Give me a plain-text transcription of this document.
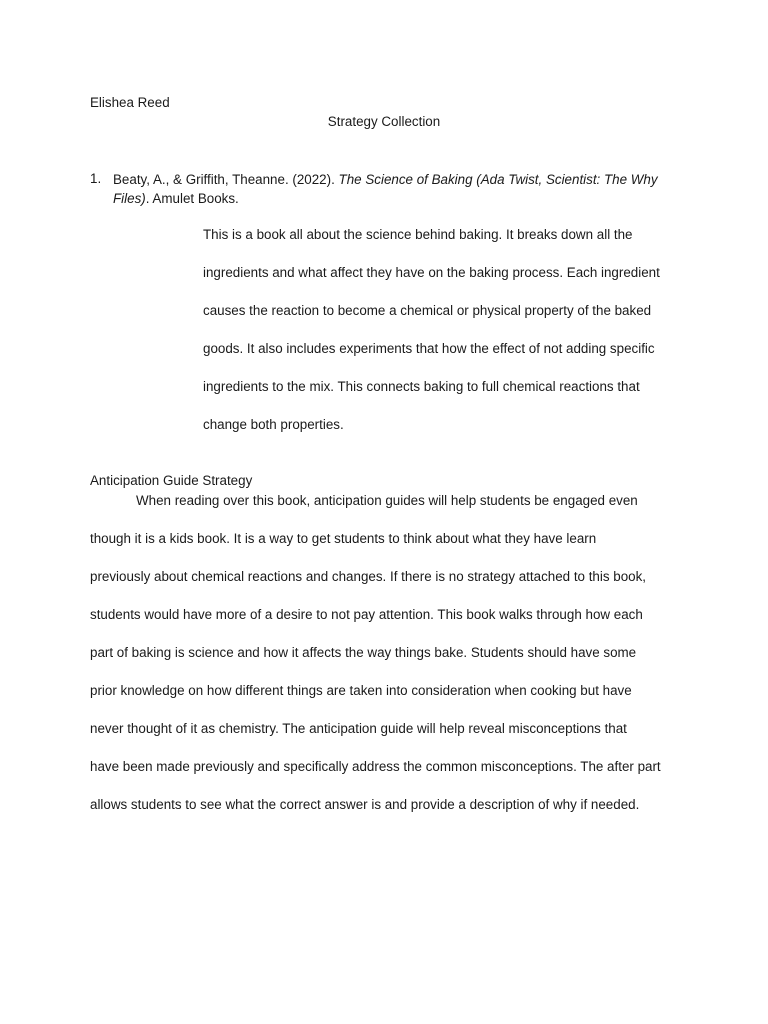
Elishea Reed
Strategy Collection
1. Beaty, A., & Griffith, Theanne. (2022). The Science of Baking (Ada Twist, Scientist: The Why Files). Amulet Books.
This is a book all about the science behind baking. It breaks down all the
ingredients and what affect they have on the baking process. Each ingredient
causes the reaction to become a chemical or physical property of the baked
goods. It also includes experiments that how the effect of not adding specific
ingredients to the mix. This connects baking to full chemical reactions that
change both properties.
Anticipation Guide Strategy
When reading over this book, anticipation guides will help students be engaged even
though it is a kids book. It is a way to get students to think about what they have learn
previously about chemical reactions and changes. If there is no strategy attached to this book,
students would have more of a desire to not pay attention. This book walks through how each
part of baking is science and how it affects the way things bake. Students should have some
prior knowledge on how different things are taken into consideration when cooking but have
never thought of it as chemistry. The anticipation guide will help reveal misconceptions that
have been made previously and specifically address the common misconceptions. The after part
allows students to see what the correct answer is and provide a description of why if needed.
